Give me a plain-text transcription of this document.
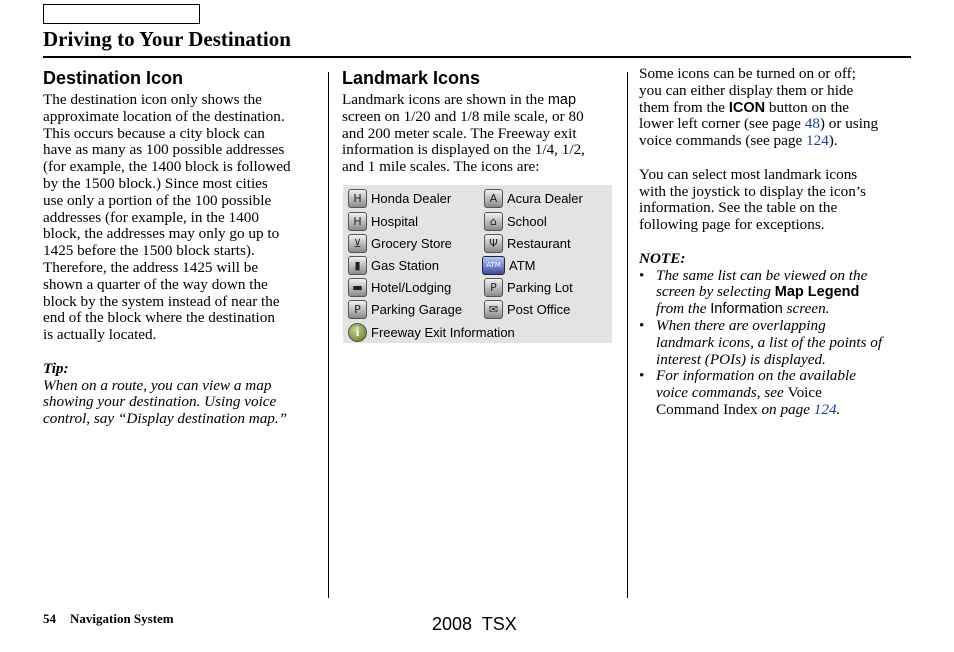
Driving to Your Destination
Destination Icon
The destination icon only shows the
approximate location of the destination.
This occurs because a city block can
have as many as 100 possible addresses
(for example, the 1400 block is followed
by the 1500 block.) Since most cities
use only a portion of the 100 possible
addresses (for example, in the 1400
block, the addresses may only go up to
1425 before the 1500 block starts).
Therefore, the address 1425 will be
shown a quarter of the way down the
block by the system instead of near the
end of the block where the destination
is actually located.
Tip:
When on a route, you can view a map
showing your destination. Using voice
control, say “Display destination map.”
Landmark Icons
Landmark icons are shown in the map
screen on 1/20 and 1/8 mile scale, or 80
and 200 meter scale. The Freeway exit
information is displayed on the 1/4, 1/2,
and 1 mile scales. The icons are:
H Honda Dealer	A Acura Dealer
H Hospital	⌂ School
⊻ Grocery Store	Ψ Restaurant
▮ Gas Station	ATM ATM
▬ Hotel/Lodging	P Parking Lot
P Parking Garage	✉ Post Office
i Freeway Exit Information
Some icons can be turned on or off;
you can either display them or hide
them from the ICON button on the
lower left corner (see page 48) or using
voice commands (see page 124).
You can select most landmark icons
with the joystick to display the icon’s
information. See the table on the
following page for exceptions.
NOTE:
• The same list can be viewed on the
screen by selecting Map Legend
from the Information screen.
• When there are overlapping
landmark icons, a list of the points of
interest (POIs) is displayed.
• For information on the available
voice commands, see Voice
Command Index on page 124.
54 Navigation System	2008  TSX
